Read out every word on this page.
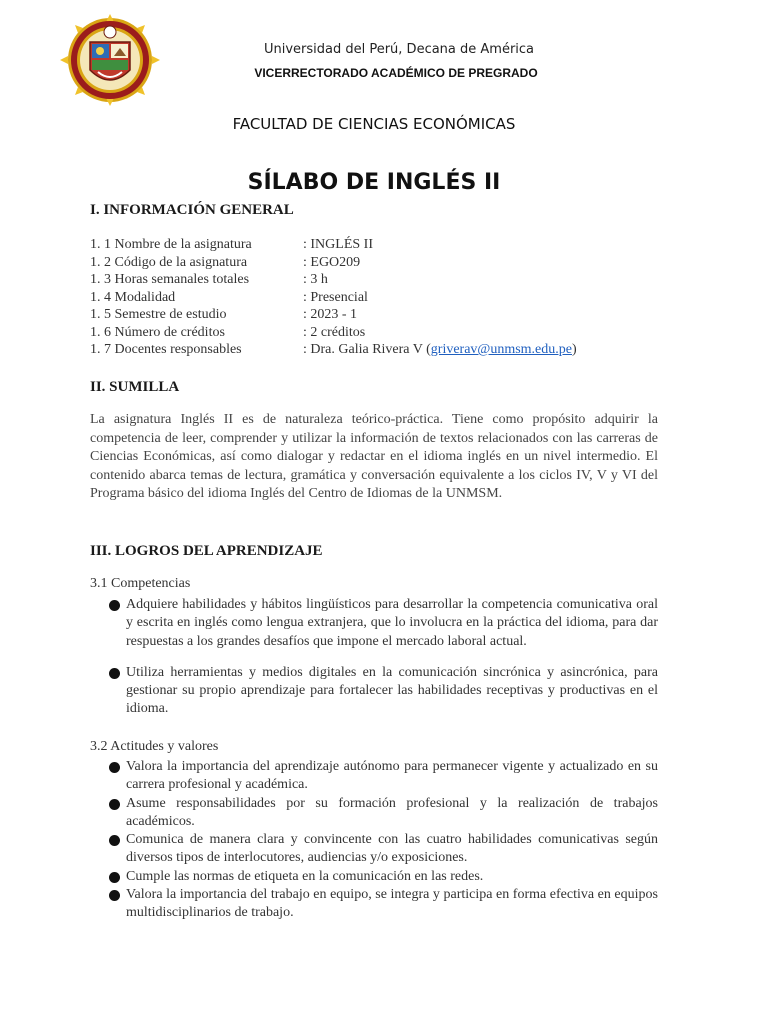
Universidad del Perú, Decana de América
VICERRECTORADO ACADÉMICO DE PREGRADO
FACULTAD DE CIENCIAS ECONÓMICAS
SÍLABO DE INGLÉS II
I. INFORMACIÓN GENERAL
1. 1 Nombre de la asignatura	: INGLÉS II
1. 2 Código de la asignatura	: EGO209
1. 3 Horas semanales totales	: 3 h
1. 4 Modalidad	: Presencial
1. 5 Semestre de estudio	: 2023 - 1
1. 6 Número de créditos	: 2 créditos
1. 7 Docentes responsables	: Dra. Galia Rivera V (griverav@unmsm.edu.pe)
II. SUMILLA
La asignatura Inglés II es de naturaleza teórico-práctica. Tiene como propósito adquirir la competencia de leer, comprender y utilizar la información de textos relacionados con las carreras de Ciencias Económicas, así como dialogar y redactar en el idioma inglés en un nivel intermedio. El contenido abarca temas de lectura, gramática y conversación equivalente a los ciclos IV, V y VI del Programa básico del idioma Inglés del Centro de Idiomas de la UNMSM.
III. LOGROS DEL APRENDIZAJE
3.1 Competencias
Adquiere habilidades y hábitos lingüísticos para desarrollar la competencia comunicativa oral y escrita en inglés como lengua extranjera, que lo involucra en la práctica del idioma, para dar respuestas a los grandes desafíos que impone el mercado laboral actual.
Utiliza herramientas y medios digitales en la comunicación sincrónica y asincrónica, para gestionar su propio aprendizaje para fortalecer las habilidades receptivas y productivas en el idioma.
3.2 Actitudes y valores
Valora la importancia del aprendizaje autónomo para permanecer vigente y actualizado en su carrera profesional y académica.
Asume responsabilidades por su formación profesional y la realización de trabajos académicos.
Comunica de manera clara y convincente con las cuatro habilidades comunicativas según diversos tipos de interlocutores, audiencias y/o exposiciones.
Cumple las normas de etiqueta en la comunicación en las redes.
Valora la importancia del trabajo en equipo, se integra y participa en forma efectiva en equipos multidisciplinarios de trabajo.
